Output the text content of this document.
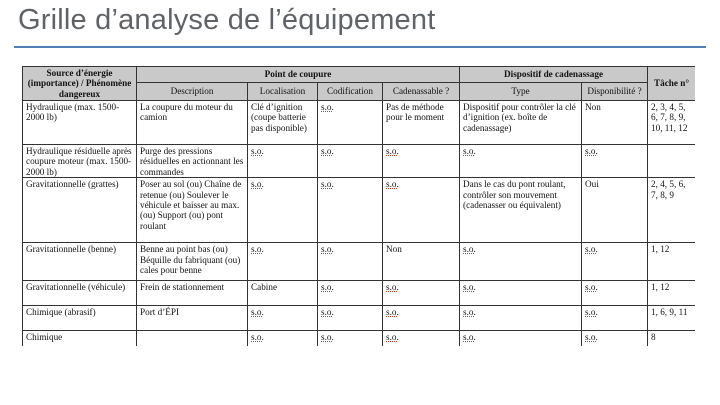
Grille d’analyse de l’équipement
Source d’énergie (importance) / Phénomène dangereux	Point de coupure				Dispositif de cadenassage		Tâche n°
	Description	Localisation	Codification	Cadenassable ?	Type	Disponibilité ?	
Hydraulique (max. 1500-2000 lb)	La coupure du moteur du camion	Clé d’ignition (coupe batterie pas disponible)	s.o.	Pas de méthode pour le moment	Dispositif pour contrôler la clé d’ignition (ex. boîte de cadenassage)	Non	2, 3, 4, 5, 6, 7, 8, 9, 10, 11, 12
Hydraulique résiduelle après coupure moteur (max. 1500-2000 lb)	Purge des pressions résiduelles en actionnant les commandes	s.o.	s.o.	s.o.	s.o.	s.o.	
Gravitationnelle (grattes)	Poser au sol (ou) Chaîne de retenue (ou) Soulever le véhicule et baisser au max. (ou) Support (ou) pont roulant	s.o.	s.o.	s.o.	Dans le cas du pont roulant, contrôler son mouvement (cadenasser ou équivalent)	Oui	2, 4, 5, 6, 7, 8, 9
Gravitationnelle (benne)	Benne au point bas (ou) Béquille du fabriquant (ou) cales pour benne	s.o.	s.o.	Non	s.o.	s.o.	1, 12
Gravitationnelle (véhicule)	Frein de stationnement	Cabine	s.o.	s.o.	s.o.	s.o.	1, 12
Chimique (abrasif)	Port d’ÉPI	s.o.	s.o.	s.o.	s.o.	s.o.	1, 6, 9, 11
Chimique		s.o.	s.o.	s.o.	s.o.	s.o.	8
